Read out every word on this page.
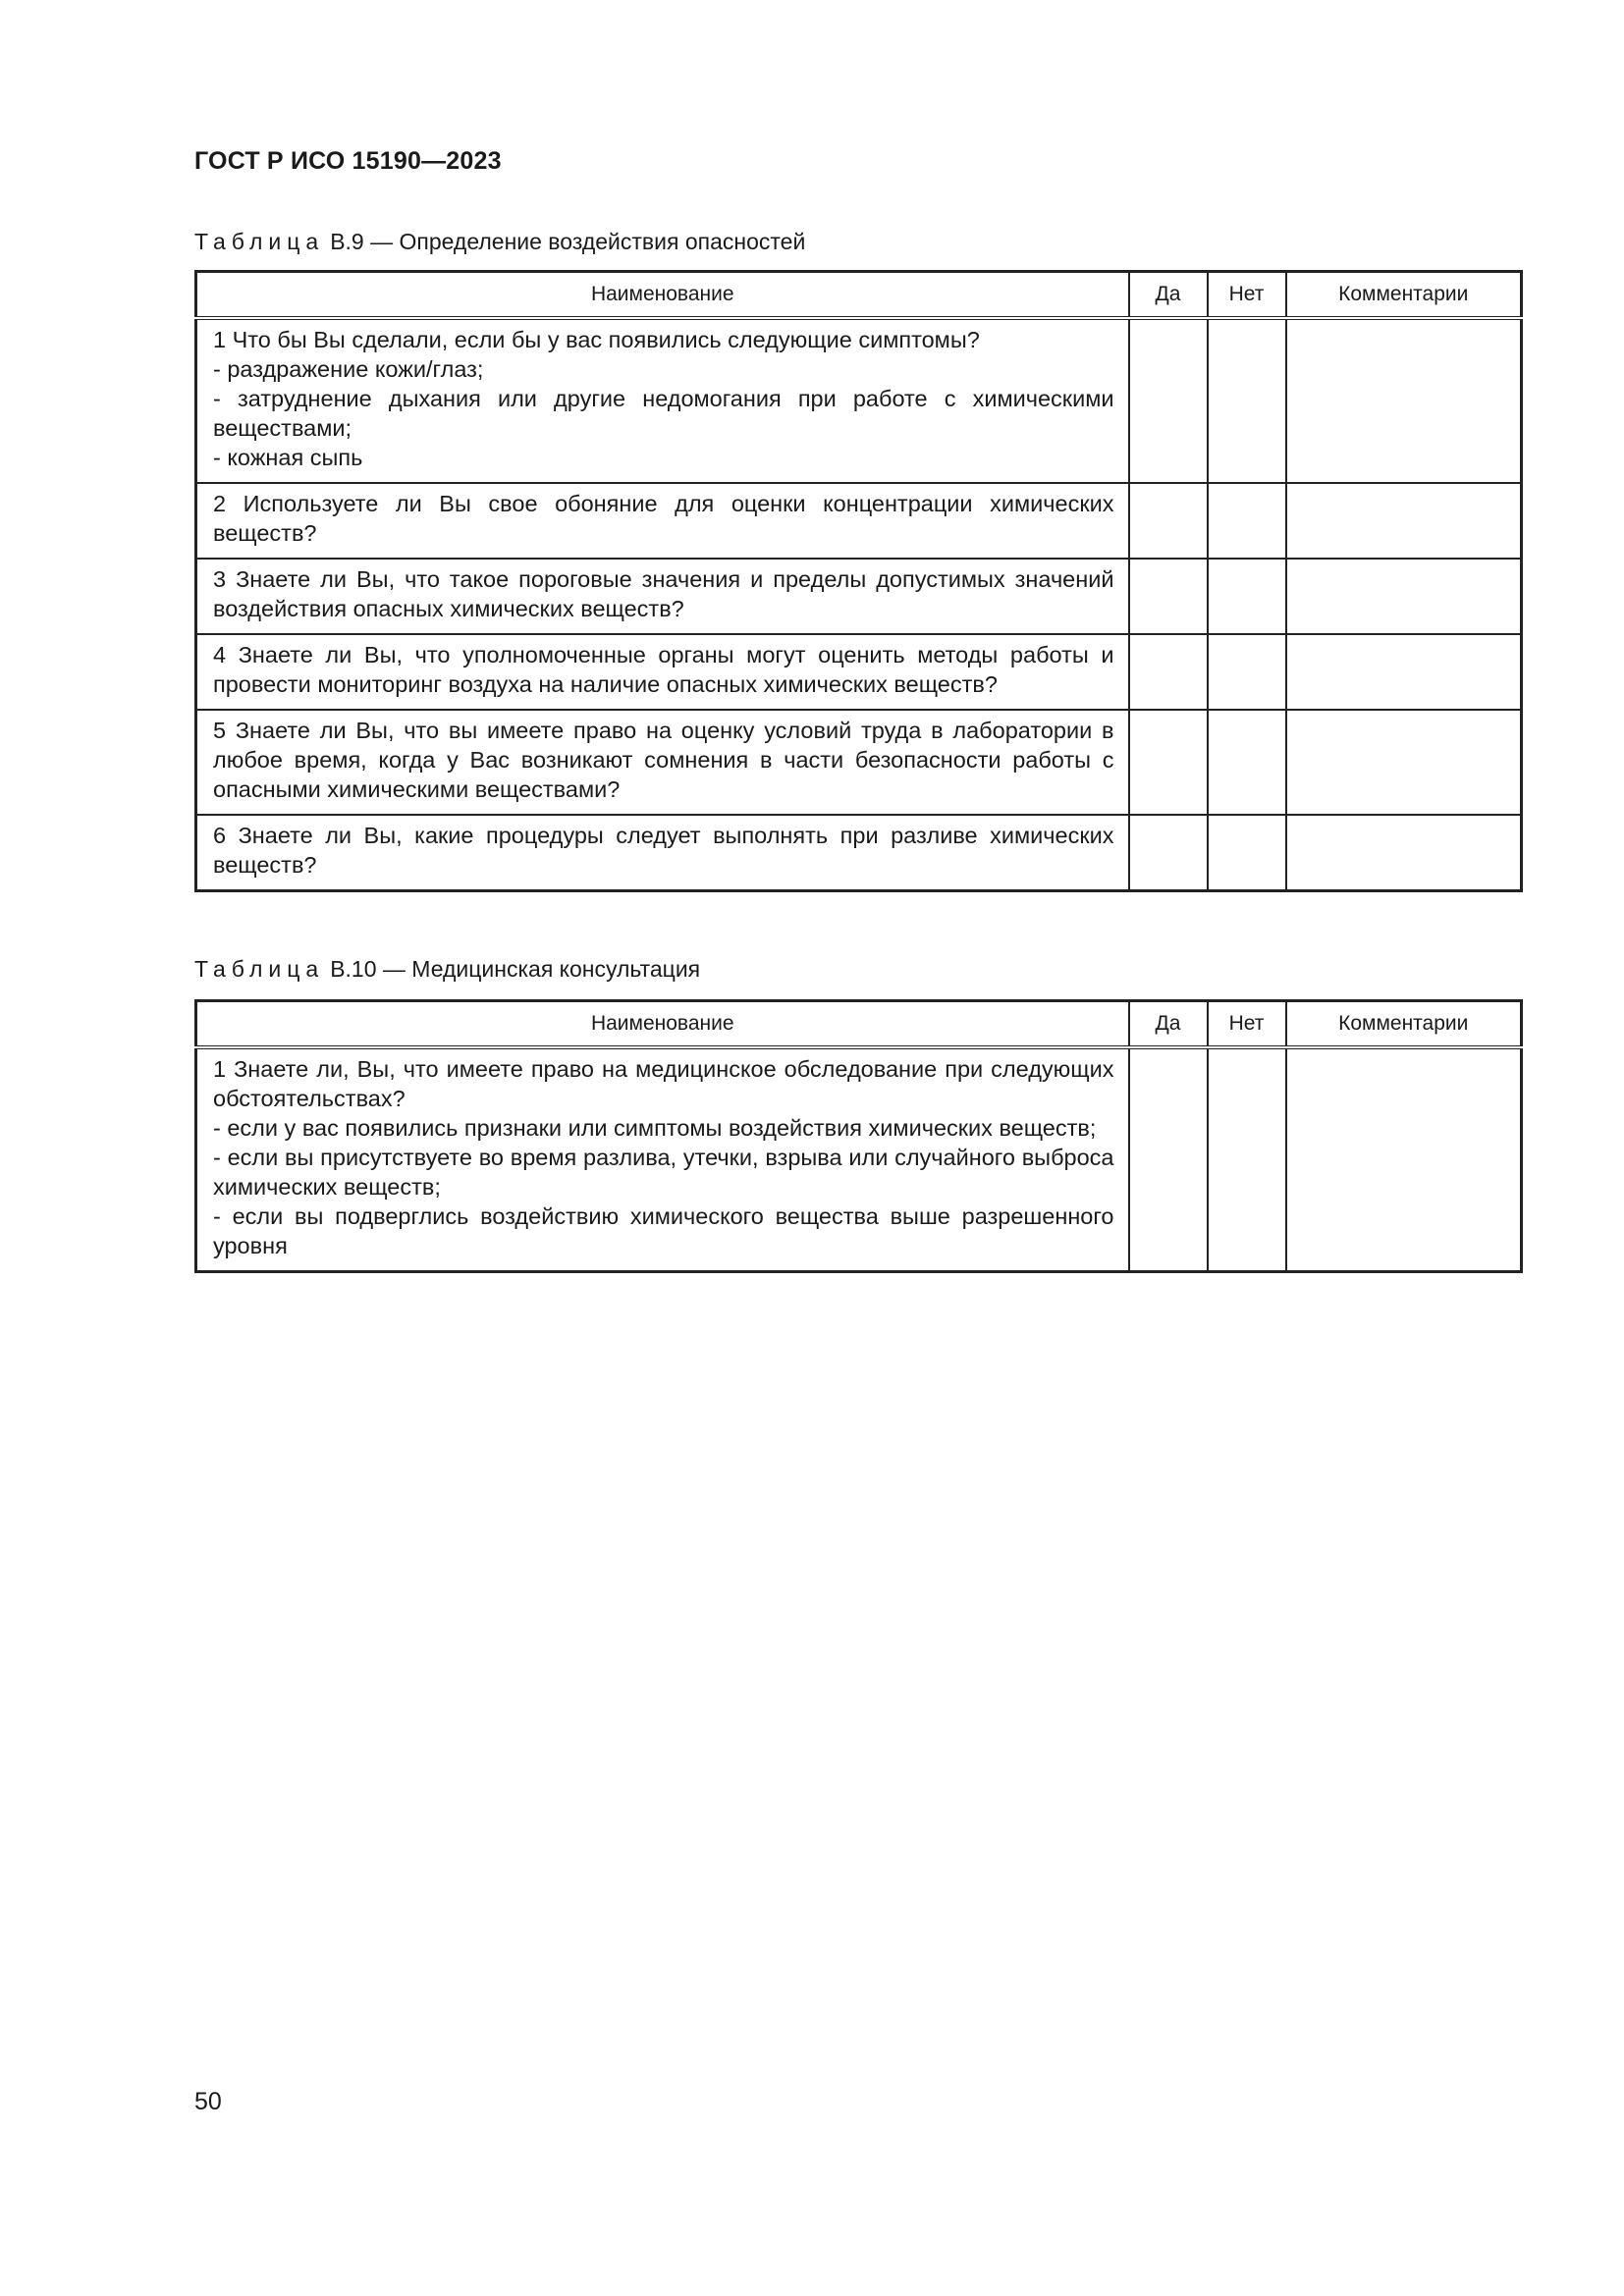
ГОСТ Р ИСО 15190—2023
Таблица В.9 — Определение воздействия опасностей
Наименование	Да	Нет	Комментарии

1 Что бы Вы сделали, если бы у вас появились следующие симптомы?
- раздражение кожи/глаз;
- затруднение дыхания или другие недомогания при работе с химическими веществами;
- кожная сыпь			

2 Используете ли Вы свое обоняние для оценки концентрации химических веществ?			

3 Знаете ли Вы, что такое пороговые значения и пределы допустимых значений воздействия опасных химических веществ?			

4 Знаете ли Вы, что уполномоченные органы могут оценить методы работы и провести мониторинг воздуха на наличие опасных химических веществ?			

5 Знаете ли Вы, что вы имеете право на оценку условий труда в лаборатории в любое время, когда у Вас возникают сомнения в части безопасности работы с опасными химическими веществами?			

6 Знаете ли Вы, какие процедуры следует выполнять при разливе химических веществ?			

Таблица В.10 — Медицинская консультация
Наименование	Да	Нет	Комментарии

1 Знаете ли, Вы, что имеете право на медицинское обследование при следующих обстоятельствах?
- если у вас появились признаки или симптомы воздействия химических веществ;
- если вы присутствуете во время разлива, утечки, взрыва или случайного выброса химических веществ;
- если вы подверглись воздействию химического вещества выше разрешенного уровня			

50
